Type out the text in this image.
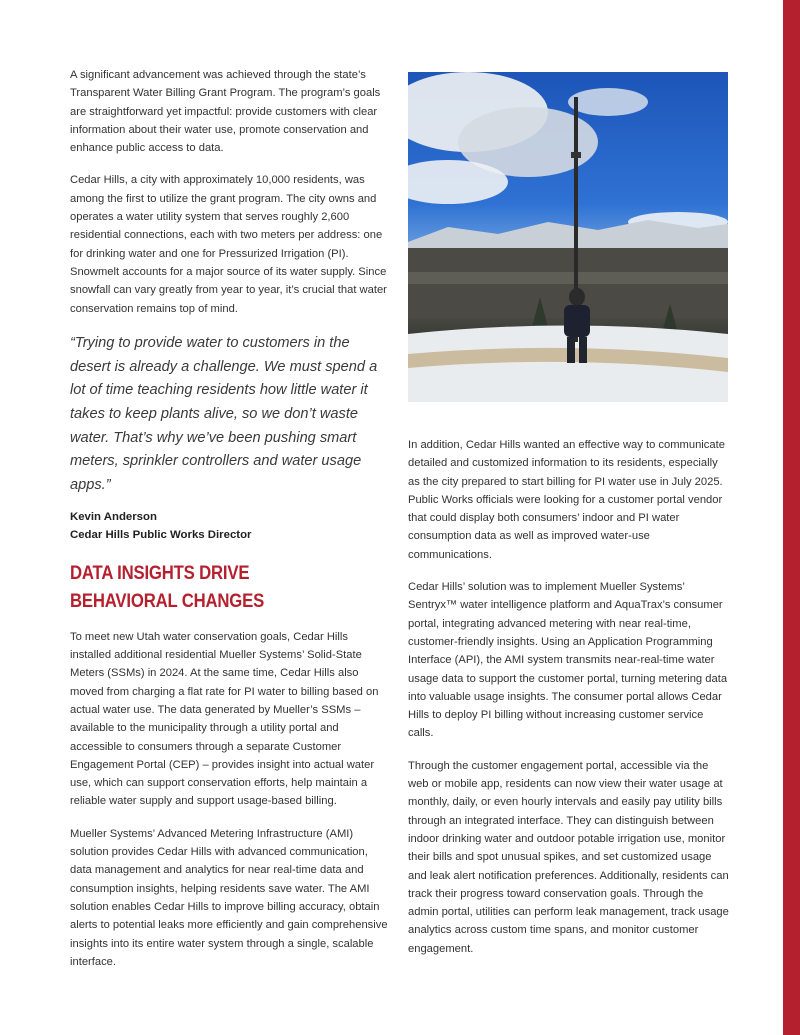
A significant advancement was achieved through the state’s Transparent Water Billing Grant Program. The program’s goals are straightforward yet impactful: provide customers with clear information about their water use, promote conservation and enhance public access to data.

Cedar Hills, a city with approximately 10,000 residents, was among the first to utilize the grant program. The city owns and operates a water utility system that serves roughly 2,600 residential connections, each with two meters per address: one for drinking water and one for Pressurized Irrigation (PI). Snowmelt accounts for a major source of its water supply. Since snowfall can vary greatly from year to year, it’s crucial that water conservation remains top of mind.

“Trying to provide water to customers in the desert is already a challenge. We must spend a lot of time teaching residents how little water it takes to keep plants alive, so we don’t waste water. That’s why we’ve been pushing smart meters, sprinkler controllers and water usage apps.”

Kevin Anderson
Cedar Hills Public Works Director
DATA INSIGHTS DRIVE
BEHAVIORAL CHANGES

To meet new Utah water conservation goals, Cedar Hills installed additional residential Mueller Systems’ Solid-State Meters (SSMs) in 2024. At the same time, Cedar Hills also moved from charging a flat rate for PI water to billing based on actual water use. The data generated by Mueller’s SSMs – available to the municipality through a utility portal and accessible to consumers through a separate Customer Engagement Portal (CEP) – provides insight into actual water use, which can support conservation efforts, help maintain a reliable water supply and support usage-based billing.

Mueller Systems’ Advanced Metering Infrastructure (AMI) solution provides Cedar Hills with advanced communication, data management and analytics for near real-time data and consumption insights, helping residents save water. The AMI solution enables Cedar Hills to improve billing accuracy, obtain alerts to potential leaks more efficiently and gain comprehensive insights into its entire water system through a single, scalable interface.

In addition, Cedar Hills wanted an effective way to communicate detailed and customized information to its residents, especially as the city prepared to start billing for PI water use in July 2025. Public Works officials were looking for a customer portal vendor that could display both consumers’ indoor and PI water consumption data as well as improved water-use communications.

Cedar Hills’ solution was to implement Mueller Systems’ Sentryx™ water intelligence platform and AquaTrax’s consumer portal, integrating advanced metering with near real-time, customer-friendly insights. Using an Application Programming Interface (API), the AMI system transmits near-real-time water usage data to support the customer portal, turning metering data into valuable usage insights. The consumer portal allows Cedar Hills to deploy PI billing without increasing customer service calls.

Through the customer engagement portal, accessible via the web or mobile app, residents can now view their water usage at monthly, daily, or even hourly intervals and easily pay utility bills through an integrated interface. They can distinguish between indoor drinking water and outdoor potable irrigation use, monitor their bills and spot unusual spikes, and set customized usage and leak alert notification preferences. Additionally, residents can track their progress toward conservation goals. Through the admin portal, utilities can perform leak management, track usage analytics across custom time spans, and monitor customer engagement.
